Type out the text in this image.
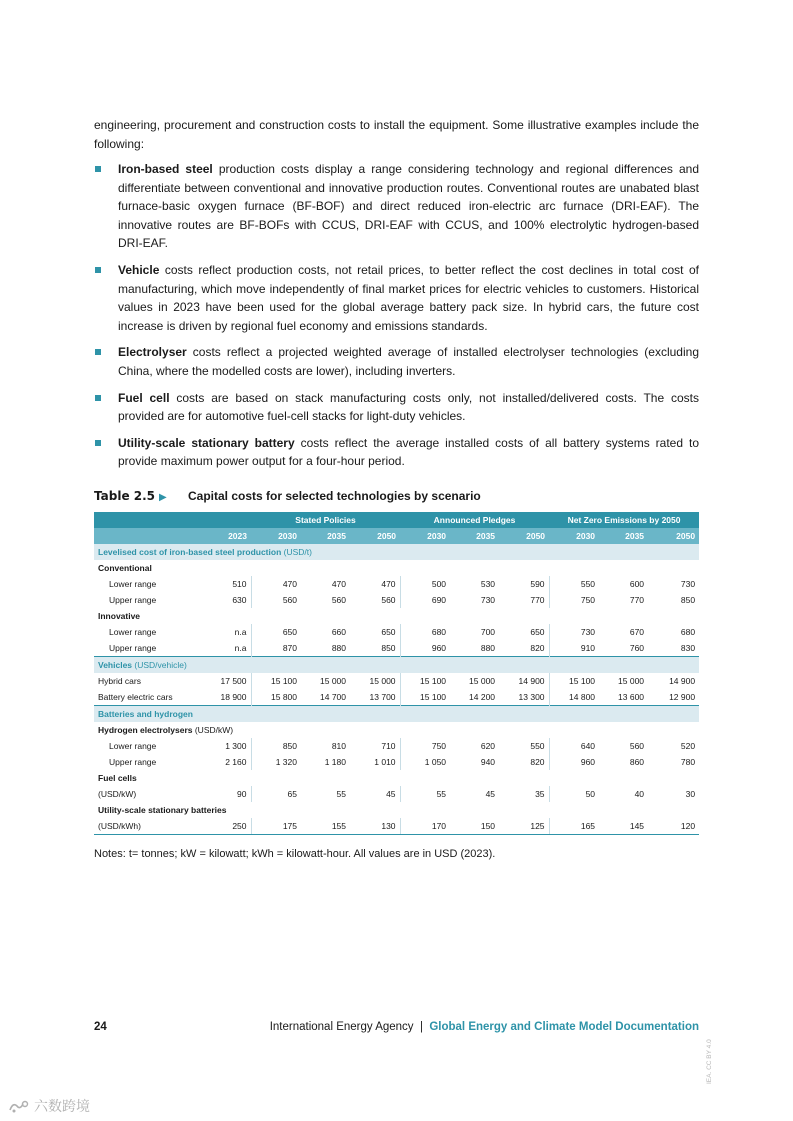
engineering, procurement and construction costs to install the equipment. Some illustrative examples include the following:

Iron-based steel production costs display a range considering technology and regional differences and differentiate between conventional and innovative production routes. Conventional routes are unabated blast furnace-basic oxygen furnace (BF-BOF) and direct reduced iron-electric arc furnace (DRI-EAF). The innovative routes are BF-BOFs with CCUS, DRI-EAF with CCUS, and 100% electrolytic hydrogen-based DRI-EAF.
Vehicle costs reflect production costs, not retail prices, to better reflect the cost declines in total cost of manufacturing, which move independently of final market prices for electric vehicles to customers. Historical values in 2023 have been used for the global average battery pack size. In hybrid cars, the future cost increase is driven by regional fuel economy and emissions standards.
Electrolyser costs reflect a projected weighted average of installed electrolyser technologies (excluding China, where the modelled costs are lower), including inverters.
Fuel cell costs are based on stack manufacturing costs only, not installed/delivered costs. The costs provided are for automotive fuel-cell stacks for light-duty vehicles.
Utility-scale stationary battery costs reflect the average installed costs of all battery systems rated to provide maximum power output for a four-hour period.
Table 2.5 ▶ Capital costs for selected technologies by scenario
		Stated Policies			Announced Pledges			Net Zero Emissions by 2050		
	2023	2030	2035	2050	2030	2035	2050	2030	2035	2050
Levelised cost of iron-based steel production (USD/t)										
Conventional										
Lower range	510	470	470	470	500	530	590	550	600	730
Upper range	630	560	560	560	690	730	770	750	770	850
Innovative										
Lower range	n.a	650	660	650	680	700	650	730	670	680
Upper range	n.a	870	880	850	960	880	820	910	760	830
Vehicles (USD/vehicle)										
Hybrid cars	17 500	15 100	15 000	15 000	15 100	15 000	14 900	15 100	15 000	14 900
Battery electric cars	18 900	15 800	14 700	13 700	15 100	14 200	13 300	14 800	13 600	12 900
Batteries and hydrogen										
Hydrogen electrolysers (USD/kW)										
Lower range	1 300	850	810	710	750	620	550	640	560	520
Upper range	2 160	1 320	1 180	1 010	1 050	940	820	960	860	780
Fuel cells										
(USD/kW)	90	65	55	45	55	45	35	50	40	30
Utility-scale stationary batteries										
(USD/kWh)	250	175	155	130	170	150	125	165	145	120
Notes: t= tonnes; kW = kilowatt; kWh = kilowatt-hour. All values are in USD (2023).
24	International Energy Agency | Global Energy and Climate Model Documentation
IEA. CC BY 4.0
六数跨境
